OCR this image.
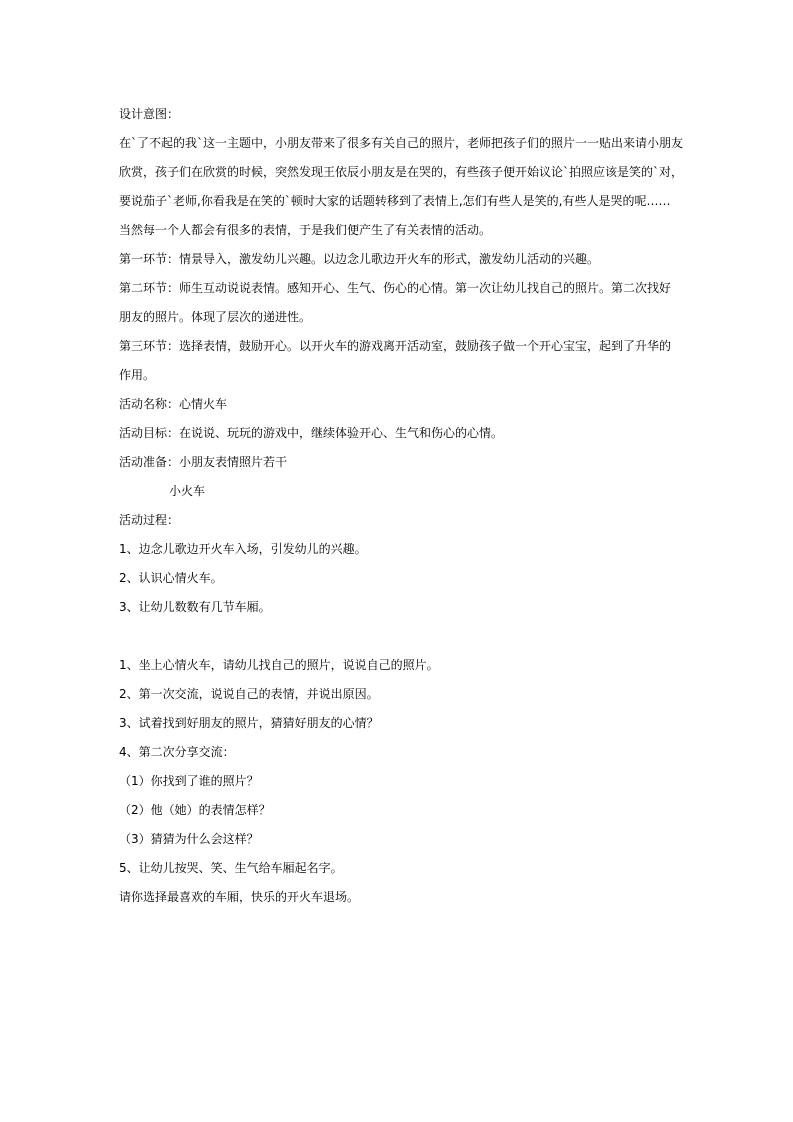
设计意图：
在`了不起的我`这一主题中，小朋友带来了很多有关自己的照片，老师把孩子们的照片一一贴出来请小朋友
欣赏，孩子们在欣赏的时候，突然发现王依辰小朋友是在哭的，有些孩子便开始议论`拍照应该是笑的`对，
要说茄子`老师,你看我是在笑的`顿时大家的话题转移到了表情上,怎们有些人是笑的,有些人是哭的呢……
当然每一个人都会有很多的表情，于是我们便产生了有关表情的活动。
第一环节：情景导入，激发幼儿兴趣。以边念儿歌边开火车的形式，激发幼儿活动的兴趣。
第二环节：师生互动说说表情。感知开心、生气、伤心的心情。第一次让幼儿找自己的照片。第二次找好
朋友的照片。体现了层次的递进性。
第三环节：选择表情，鼓励开心。以开火车的游戏离开活动室，鼓励孩子做一个开心宝宝，起到了升华的
作用。
活动名称：心情火车
活动目标：在说说、玩玩的游戏中，继续体验开心、生气和伤心的心情。
活动准备：小朋友表情照片若干
小火车
活动过程：
1、边念儿歌边开火车入场，引发幼儿的兴趣。
2、认识心情火车。
3、让幼儿数数有几节车厢。
1、坐上心情火车，请幼儿找自己的照片，说说自己的照片。
2、第一次交流，说说自己的表情，并说出原因。
3、试着找到好朋友的照片，猜猜好朋友的心情？
4、第二次分享交流：
（1）你找到了谁的照片？
（2）他（她）的表情怎样？
（3）猜猜为什么会这样？
5、让幼儿按哭、笑、生气给车厢起名字。
请你选择最喜欢的车厢，快乐的开火车退场。
